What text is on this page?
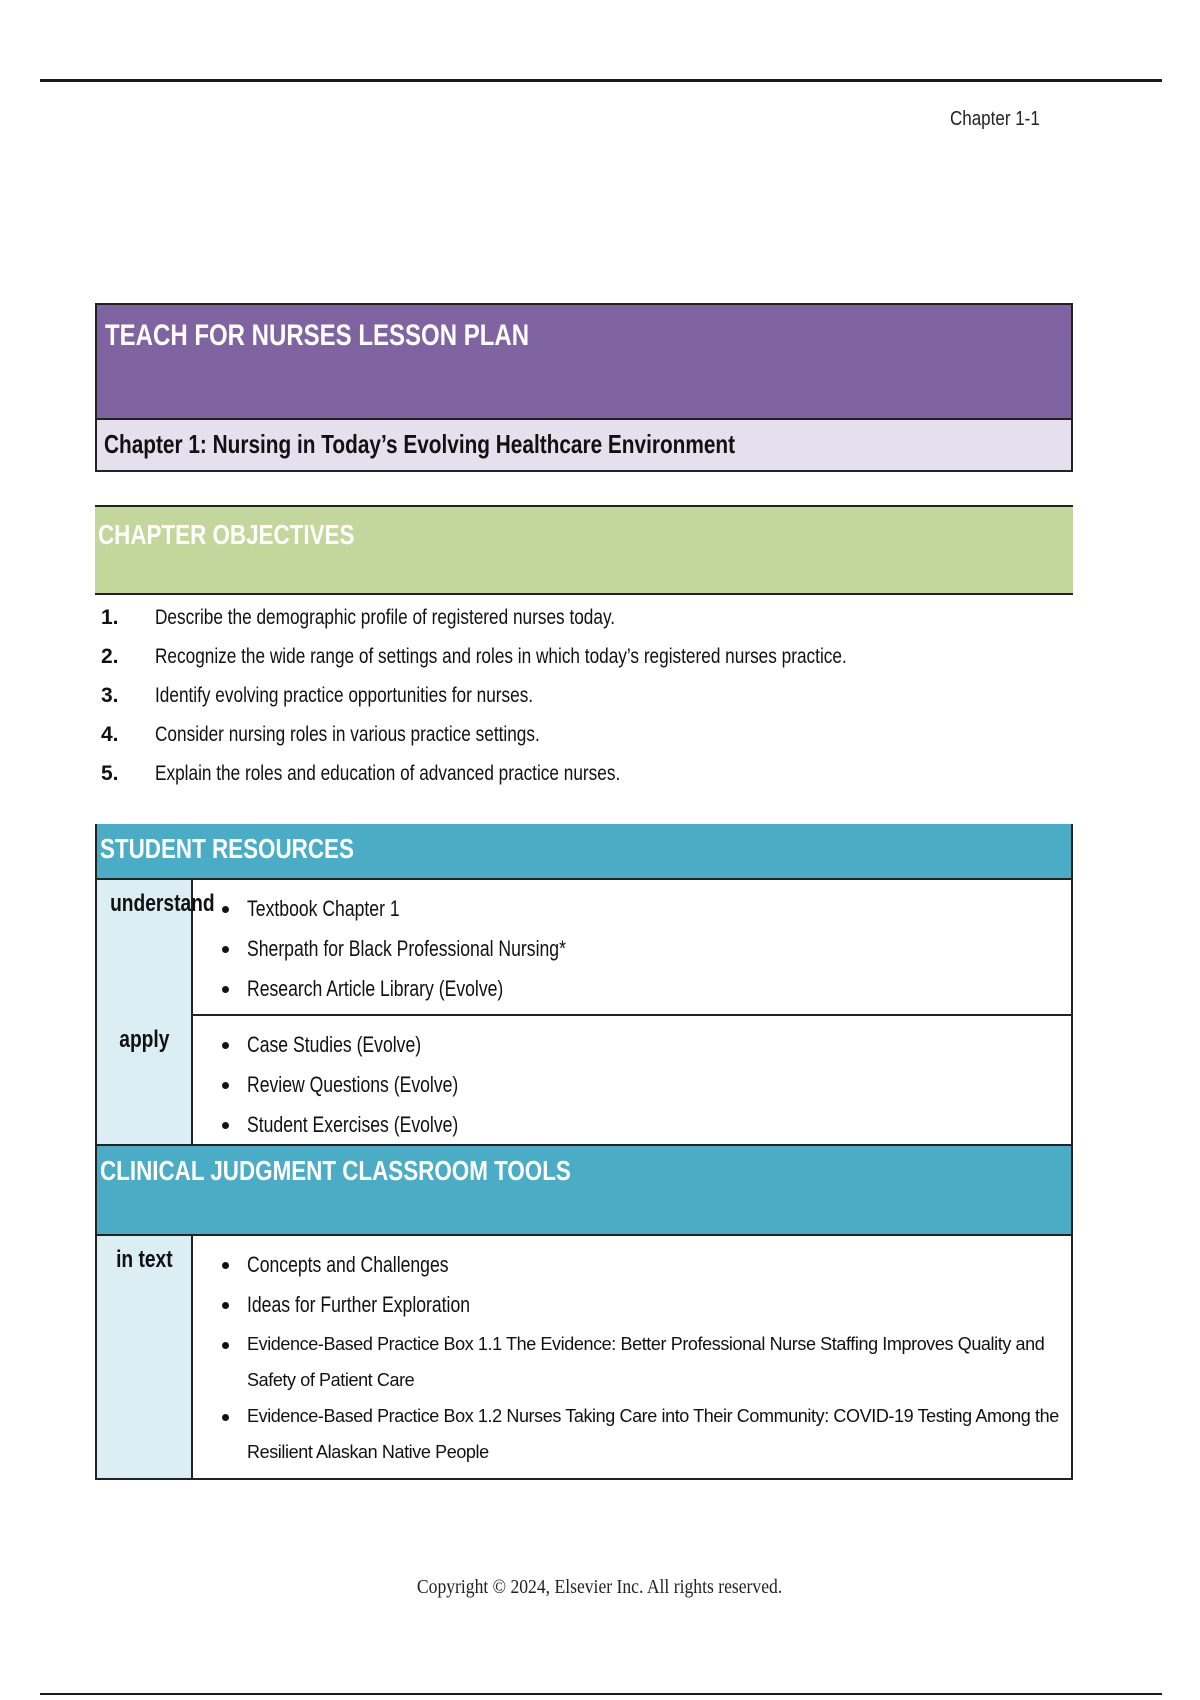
Chapter 1-1
TEACH FOR NURSES LESSON PLAN
Chapter 1: Nursing in Today’s Evolving Healthcare Environment
CHAPTER OBJECTIVES
1.	Describe the demographic profile of registered nurses today.
2.	Recognize the wide range of settings and roles in which today’s registered nurses practice.
3.	Identify evolving practice opportunities for nurses.
4.	Consider nursing roles in various practice settings.
5.	Explain the roles and education of advanced practice nurses.
STUDENT RESOURCES
understand	Textbook Chapter 1
Sherpath for Black Professional Nursing*
Research Article Library (Evolve)
apply	Case Studies (Evolve)
Review Questions (Evolve)
Student Exercises (Evolve)
CLINICAL JUDGMENT CLASSROOM TOOLS
in text	Concepts and Challenges
Ideas for Further Exploration
Evidence-Based Practice Box 1.1 The Evidence: Better Professional Nurse Staffing Improves Quality and Safety of Patient Care
Evidence-Based Practice Box 1.2 Nurses Taking Care into Their Community: COVID-19 Testing Among the Resilient Alaskan Native People
Copyright © 2024, Elsevier Inc. All rights reserved.
